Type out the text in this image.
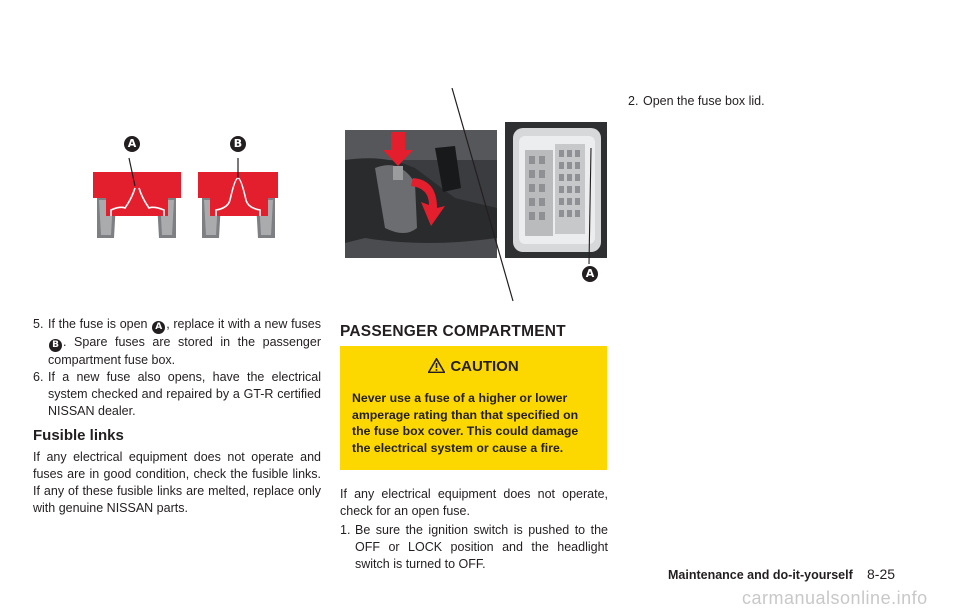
A	B
A
5. If the fuse is open A , replace it with a new fuses B . Spare fuses are stored in the passenger compartment fuse box.
6. If a new fuse also opens, have the electrical system checked and repaired by a GT-R certified NISSAN dealer.
Fusible links
If any electrical equipment does not operate and fuses are in good condition, check the fusible links. If any of these fusible links are melted, replace only with genuine NISSAN parts.
PASSENGER COMPARTMENT
CAUTION
Never use a fuse of a higher or lower amperage rating than that specified on the fuse box cover. This could damage the electrical system or cause a fire.
If any electrical equipment does not operate, check for an open fuse.
1. Be sure the ignition switch is pushed to the OFF or LOCK position and the headlight switch is turned to OFF.
2. Open the fuse box lid.
Maintenance and do-it-yourself 8-25
carmanualsonline.info
